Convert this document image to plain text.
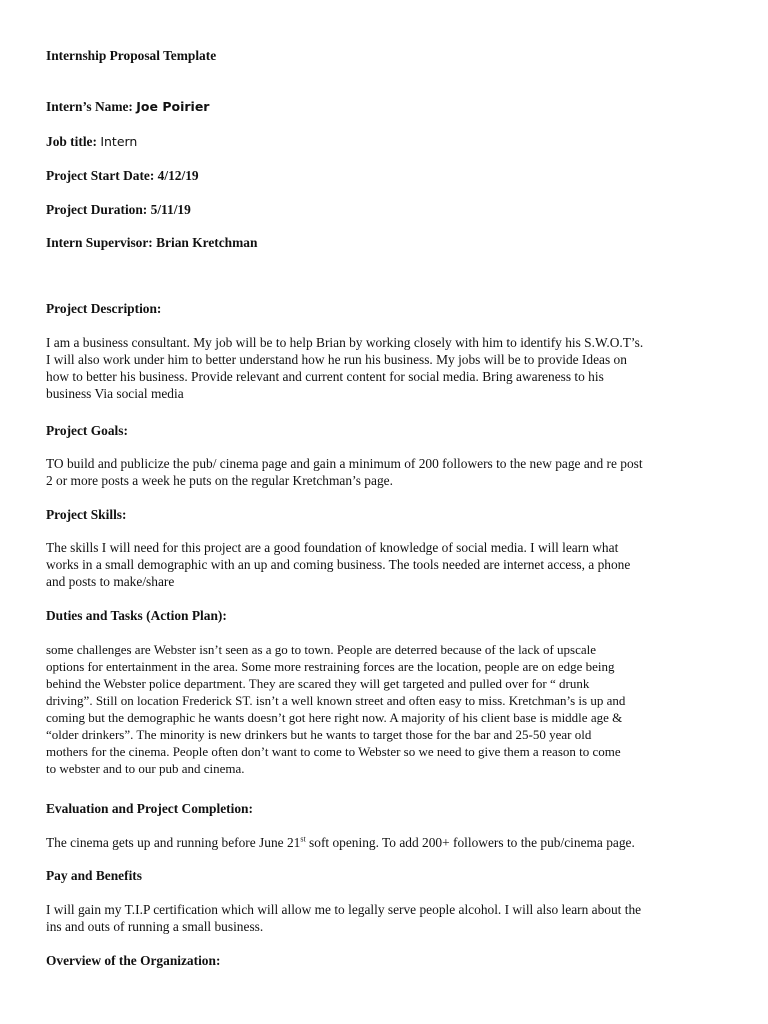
Internship Proposal Template
Intern’s Name: Joe Poirier
Job title: Intern
Project Start Date: 4/12/19
Project Duration: 5/11/19
Intern Supervisor: Brian Kretchman
Project Description:
I am a business consultant. My job will be to help Brian by working closely with him to identify his S.W.O.T’s.
I will also work under him to better understand how he run his business. My jobs will be to provide Ideas on
how to better his business. Provide relevant and current content for social media. Bring awareness to his
business Via social media
Project Goals:
TO build and publicize the pub/ cinema page and gain a minimum of 200 followers to the new page and re post
2 or more posts a week he puts on the regular Kretchman’s page.
Project Skills:
The skills I will need for this project are a good foundation of knowledge of social media. I will learn what
works in a small demographic with an up and coming business. The tools needed are internet access, a phone
and posts to make/share
Duties and Tasks (Action Plan):
some challenges are Webster isn’t seen as a go to town. People are deterred because of the lack of upscale
options for entertainment in the area. Some more restraining forces are the location, people are on edge being
behind the Webster police department. They are scared they will get targeted and pulled over for “ drunk
driving”. Still on location Frederick ST. isn’t a well known street and often easy to miss. Kretchman’s is up and
coming but the demographic he wants doesn’t got here right now. A majority of his client base is middle age &
“older drinkers”. The minority is new drinkers but he wants to target those for the bar and 25-50 year old
mothers for the cinema. People often don’t want to come to Webster so we need to give them a reason to come
to webster and to our pub and cinema.
Evaluation and Project Completion:
The cinema gets up and running before June 21st soft opening. To add 200+ followers to the pub/cinema page.
Pay and Benefits
I will gain my T.I.P certification which will allow me to legally serve people alcohol. I will also learn about the
ins and outs of running a small business.
Overview of the Organization:
